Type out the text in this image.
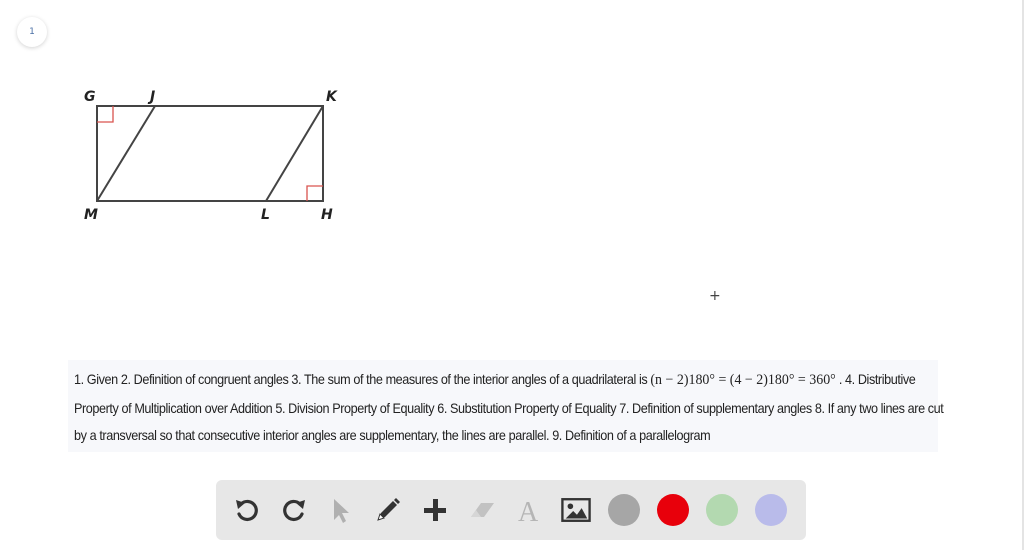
1
G	J	K
M	L	H
+
1. Given 2. Definition of congruent angles 3. The sum of the measures of the interior angles of a quadrilateral is (n − 2)180° = (4 − 2)180° = 360° . 4. Distributive Property of Multiplication over Addition 5. Division Property of Equality 6. Substitution Property of Equality 7. Definition of supplementary angles 8. If any two lines are cut by a transversal so that consecutive interior angles are supplementary, the lines are parallel. 9. Definition of a parallelogram
A
